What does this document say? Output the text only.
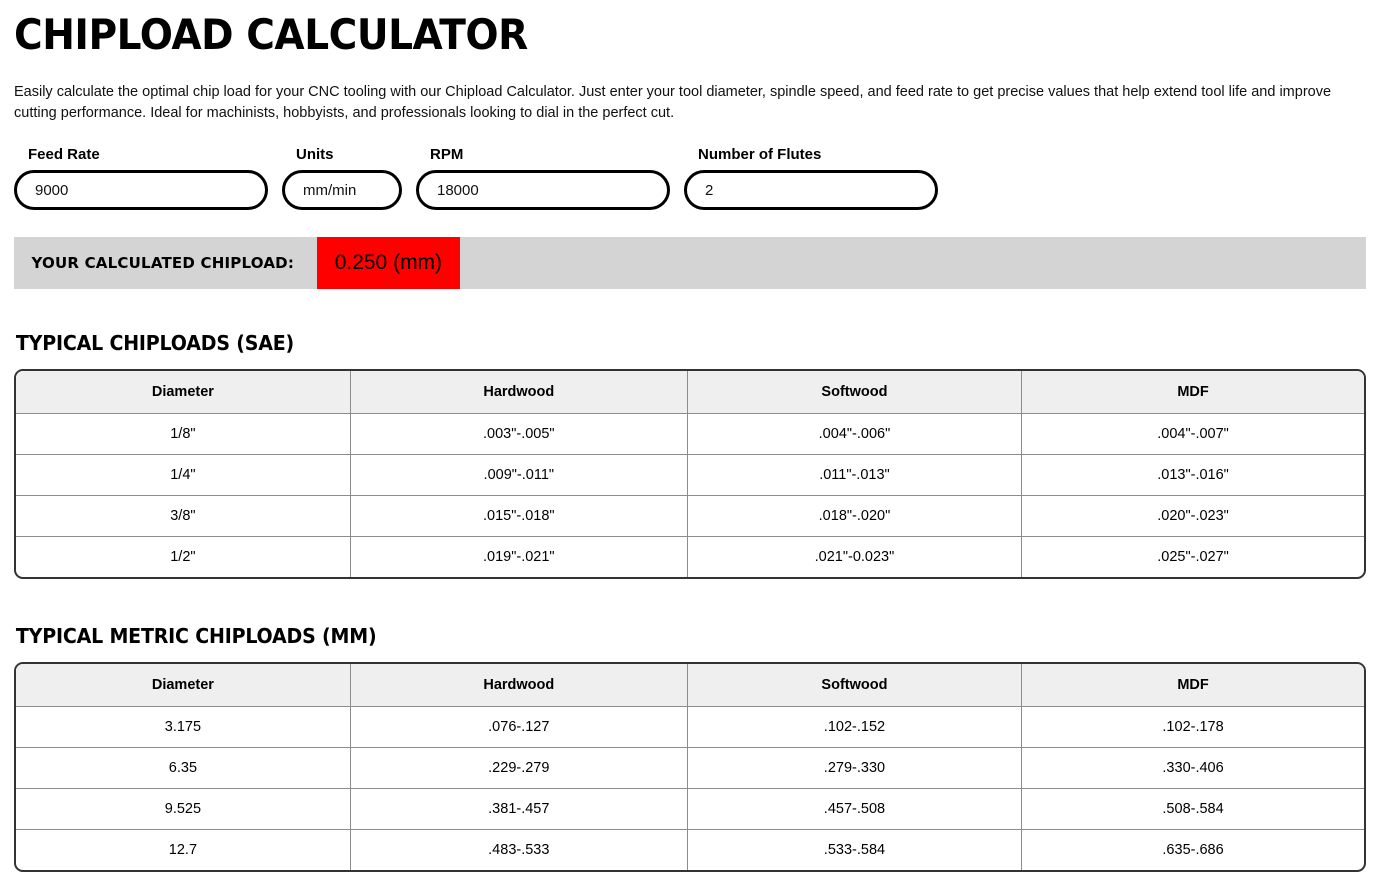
CHIPLOAD CALCULATOR

Easily calculate the optimal chip load for your CNC tooling with our Chipload Calculator. Just enter your tool diameter, spindle speed, and feed rate to get precise values that help extend tool life and improve cutting performance. Ideal for machinists, hobbyists, and professionals looking to dial in the perfect cut.

Feed Rate
9000	Units
mm/min	RPM
18000	Number of Flutes
2
YOUR CALCULATED CHIPLOAD:	0.250 (mm)
TYPICAL CHIPLOADS (SAE)
Diameter	Hardwood	Softwood	MDF
1/8"	.003"-.005"	.004"-.006"	.004"-.007"
1/4"	.009"-.011"	.011"-.013"	.013"-.016"
3/8"	.015"-.018"	.018"-.020"	.020"-.023"
1/2"	.019"-.021"	.021"-0.023"	.025"-.027"
TYPICAL METRIC CHIPLOADS (MM)
Diameter	Hardwood	Softwood	MDF
3.175	.076-.127	.102-.152	.102-.178
6.35	.229-.279	.279-.330	.330-.406
9.525	.381-.457	.457-.508	.508-.584
12.7	.483-.533	.533-.584	.635-.686
